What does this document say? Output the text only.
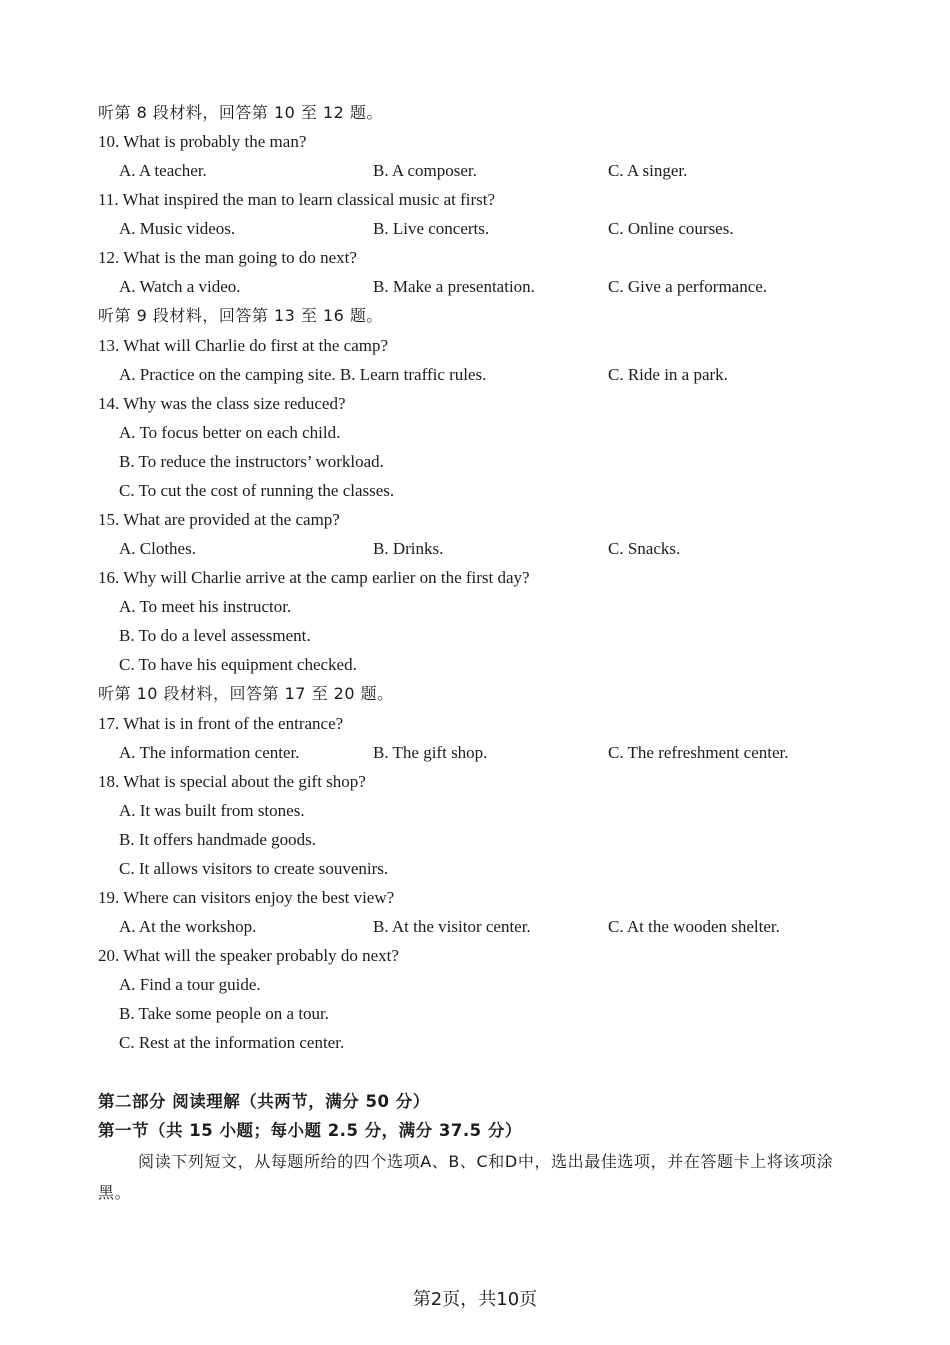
听第 8 段材料，回答第 10 至 12 题。
10. What is probably the man?
A. A teacher.	B. A composer.	C. A singer.
11. What inspired the man to learn classical music at first?
A. Music videos.	B. Live concerts.	C. Online courses.
12. What is the man going to do next?
A. Watch a video.	B. Make a presentation.	C. Give a performance.
听第 9 段材料，回答第 13 至 16 题。
13. What will Charlie do first at the camp?
A. Practice on the camping site. B. Learn traffic rules.	C. Ride in a park.
14. Why was the class size reduced?
A. To focus better on each child.
B. To reduce the instructors’ workload.
C. To cut the cost of running the classes.
15. What are provided at the camp?
A. Clothes.	B. Drinks.	C. Snacks.
16. Why will Charlie arrive at the camp earlier on the first day?
A. To meet his instructor.
B. To do a level assessment.
C. To have his equipment checked.
听第 10 段材料，回答第 17 至 20 题。
17. What is in front of the entrance?
A. The information center.	B. The gift shop.	C. The refreshment center.
18. What is special about the gift shop?
A. It was built from stones.
B. It offers handmade goods.
C. It allows visitors to create souvenirs.
19. Where can visitors enjoy the best view?
A. At the workshop.	B. At the visitor center.	C. At the wooden shelter.
20. What will the speaker probably do next?
A. Find a tour guide.
B. Take some people on a tour.
C. Rest at the information center.
第二部分 阅读理解（共两节，满分 50 分）
第一节（共 15 小题；每小题 2.5 分，满分 37.5 分）
阅读下列短文，从每题所给的四个选项A、B、C和D中，选出最佳选项，并在答题卡上将该项涂黑。
第2页，共10页
